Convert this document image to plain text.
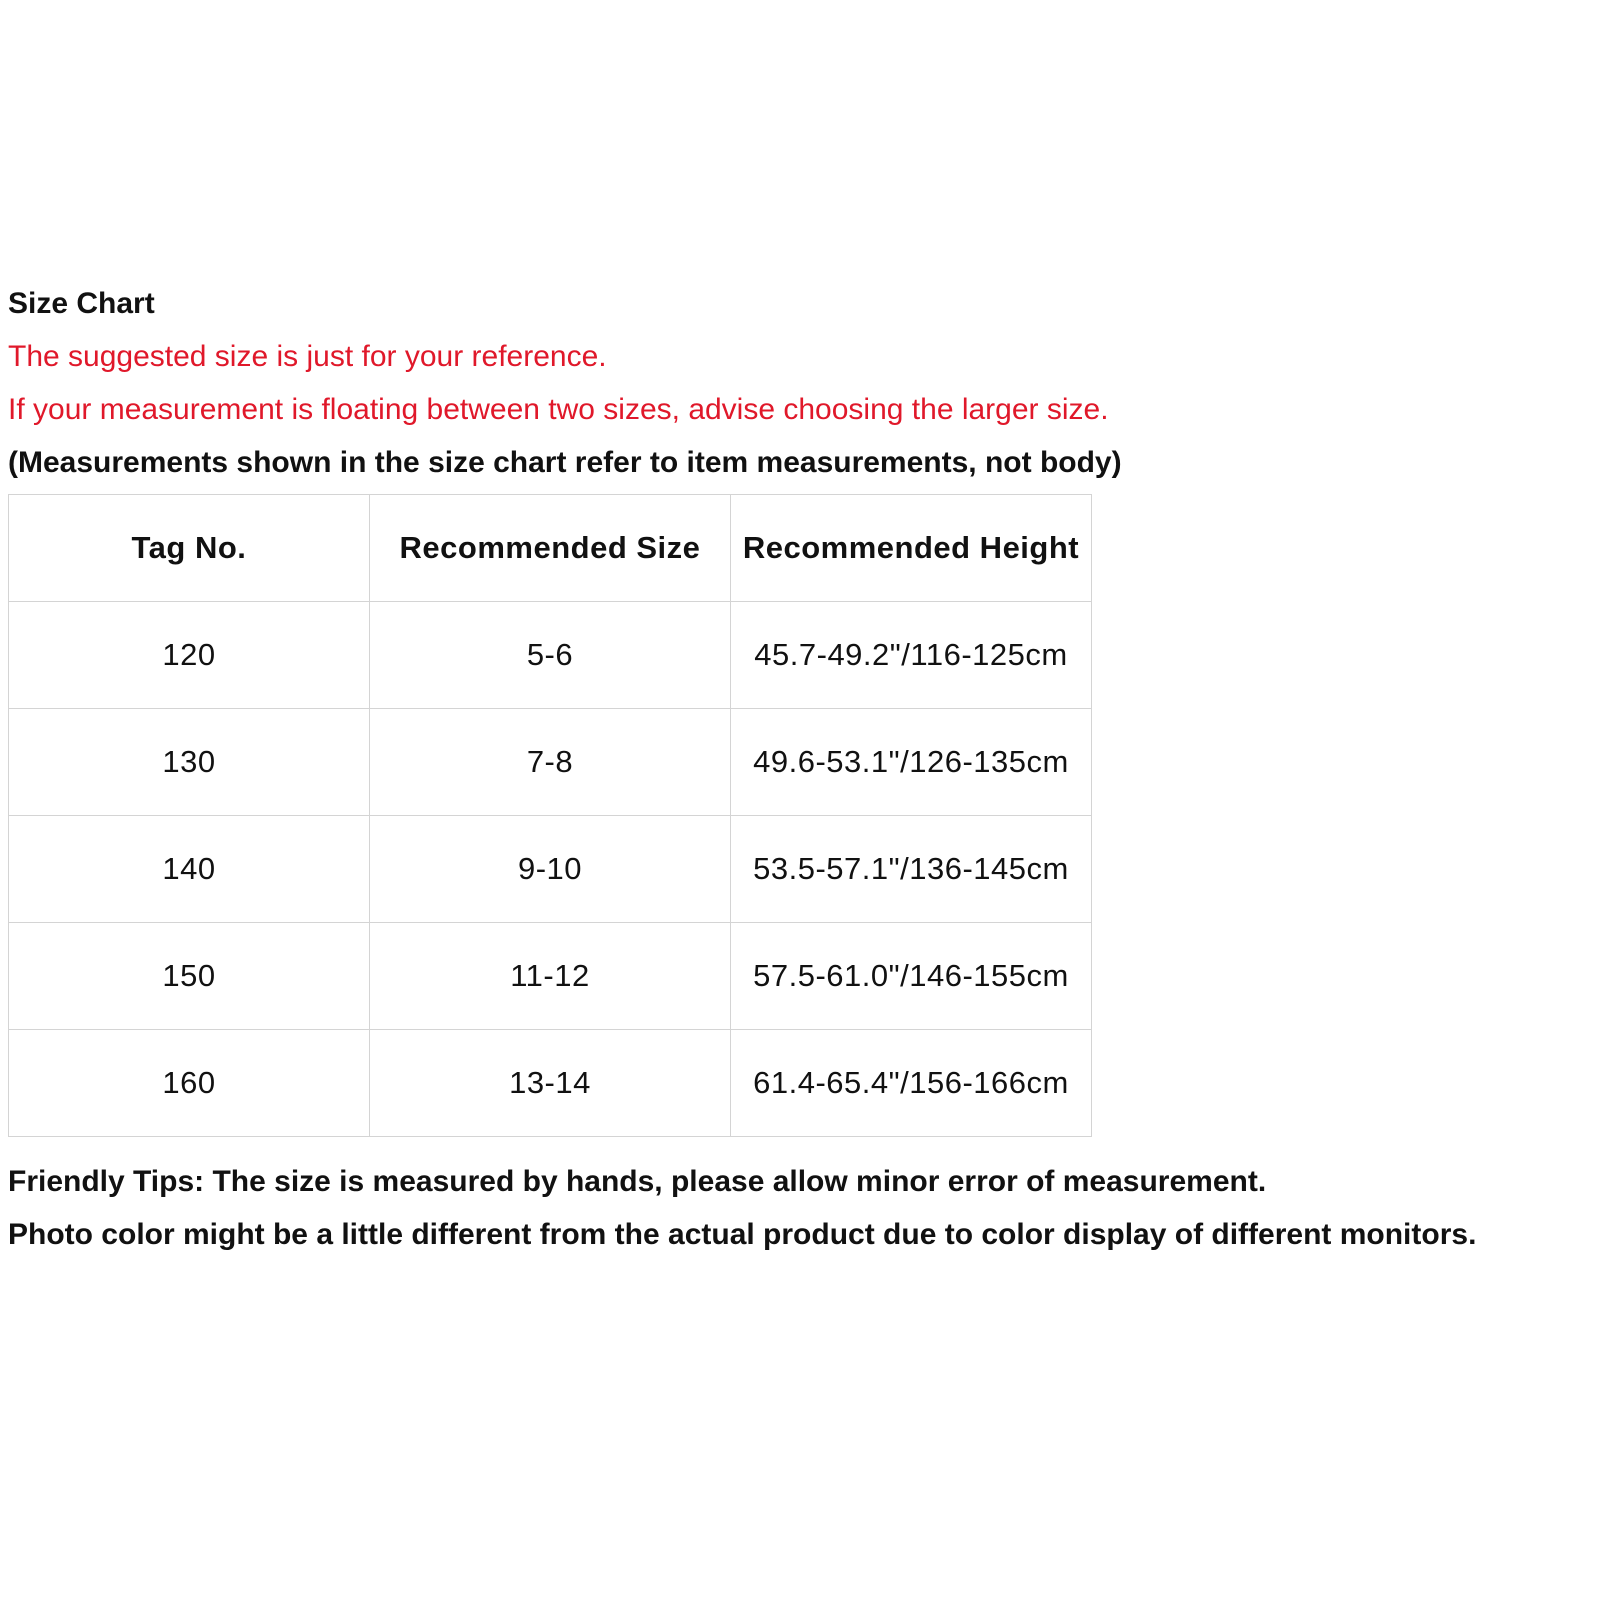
Size Chart
The suggested size is just for your reference.
If your measurement is floating between two sizes, advise choosing the larger size.
(Measurements shown in the size chart refer to item measurements, not body)
Tag No.	Recommended Size	Recommended Height
120	5-6	45.7-49.2"/116-125cm
130	7-8	49.6-53.1"/126-135cm
140	9-10	53.5-57.1"/136-145cm
150	11-12	57.5-61.0"/146-155cm
160	13-14	61.4-65.4"/156-166cm
Friendly Tips: The size is measured by hands, please allow minor error of measurement.
Photo color might be a little different from the actual product due to color display of different monitors.
